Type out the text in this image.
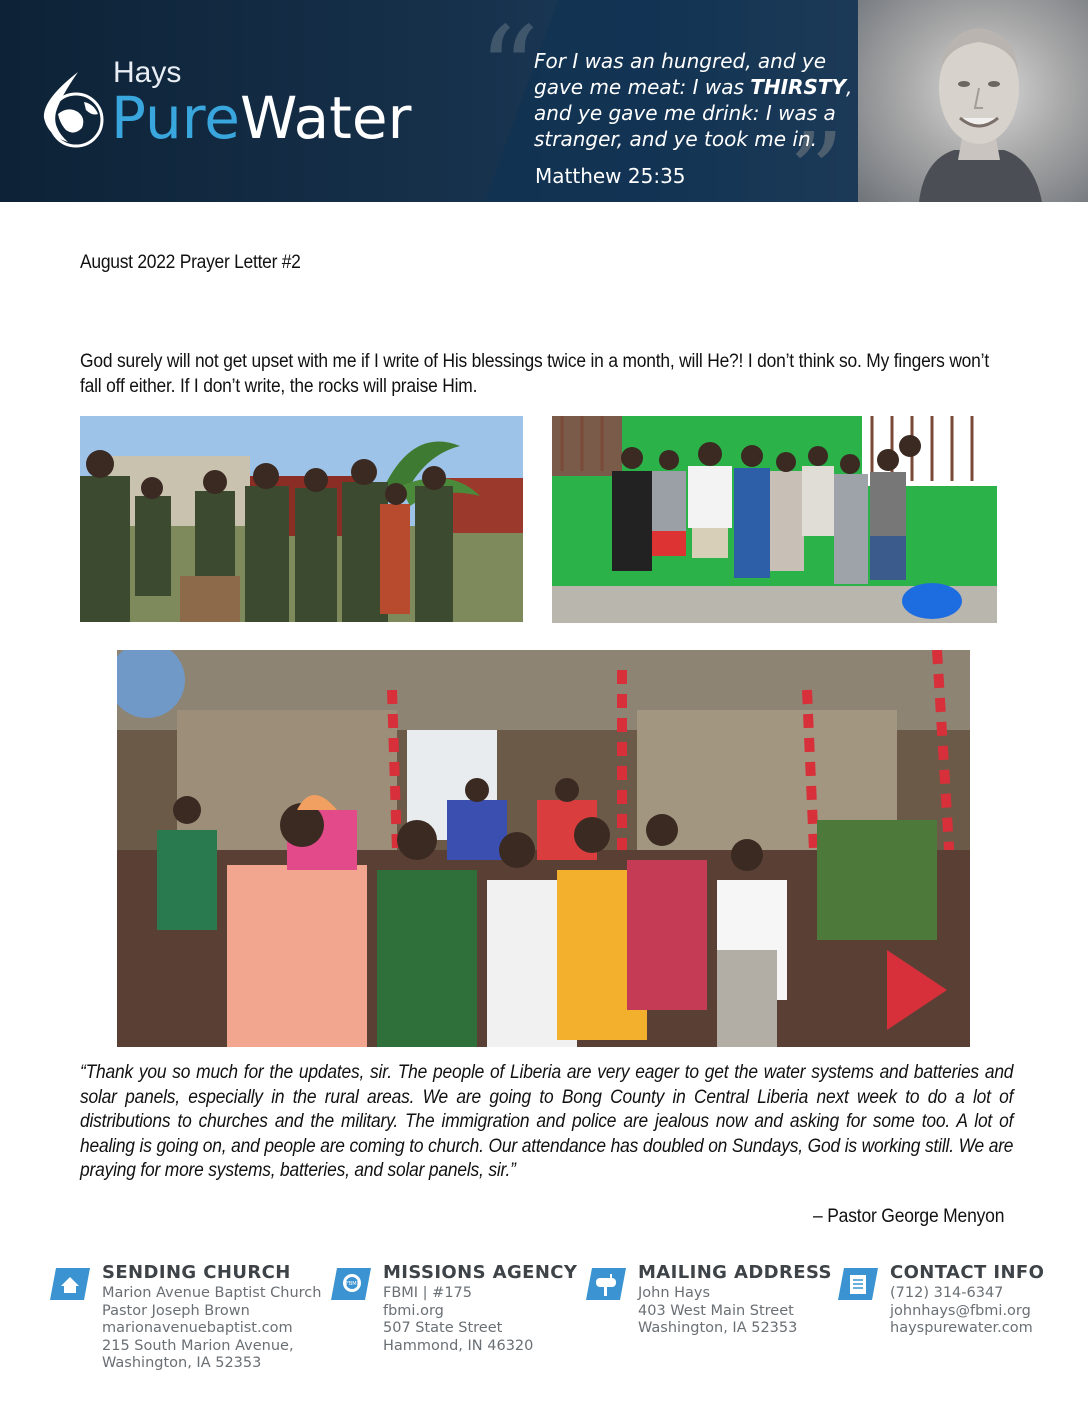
Hays
PureWater “
”
For I was an hungred, and ye
gave me meat: I was THIRSTY,
and ye gave me drink: I was a
stranger, and ye took me in.
Matthew 25:35
August 2022 Prayer Letter #2
God surely will not get upset with me if I write of His blessings twice in a month, will He?! I don’t think so. My fingers won’t fall off either. If I don’t write, the rocks will praise Him.
“Thank you so much for the updates, sir. The people of Liberia are very eager to get the water systems and batteries and solar panels, especially in the rural areas. We are going to Bong County in Central Liberia next week to do a lot of distributions to churches and the military. The immigration and police are jealous now and asking for some too. A lot of healing is going on, and people are coming to church. Our attendance has doubled on Sundays, God is working still. We are praying for more systems, batteries, and solar panels, sir.”
– Pastor George Menyon
SENDING CHURCH
Marion Avenue Baptist Church
Pastor Joseph Brown
marionavenuebaptist.com
215 South Marion Avenue,
Washington, IA 52353
FBMI
MISSIONS AGENCY
FBMI | #175
fbmi.org
507 State Street
Hammond, IN 46320
MAILING ADDRESS
John Hays
403 West Main Street
Washington, IA 52353
CONTACT INFO
(712) 314-6347
johnhays@fbmi.org
hayspurewater.com
